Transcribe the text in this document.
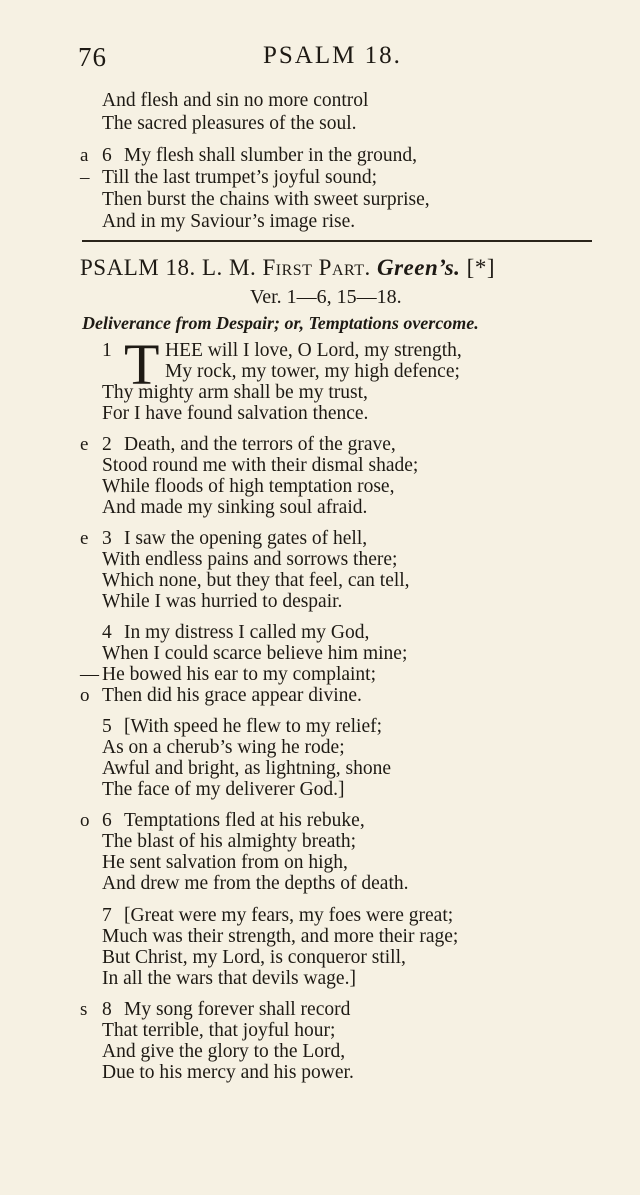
76	PSALM 18.
And flesh and sin no more control
The sacred pleasures of the soul.
a 6 My flesh shall slumber in the ground,
– Till the last trumpet’s joyful sound;
Then burst the chains with sweet surprise,
And in my Saviour’s image rise.
PSALM 18. L. M. First Part. Green’s. [*]
Ver. 1—6, 15—18.
Deliverance from Despair; or, Temptations overcome.
1 T HEE will I love, O Lord, my strength,
My rock, my tower, my high defence;
Thy mighty arm shall be my trust,
For I have found salvation thence.
e 2 Death, and the terrors of the grave,
Stood round me with their dismal shade;
While floods of high temptation rose,
And made my sinking soul afraid.
e 3 I saw the opening gates of hell,
With endless pains and sorrows there;
Which none, but they that feel, can tell,
While I was hurried to despair.
4 In my distress I called my God,
When I could scarce believe him mine;
— He bowed his ear to my complaint;
o Then did his grace appear divine.
5 [With speed he flew to my relief;
As on a cherub’s wing he rode;
Awful and bright, as lightning, shone
The face of my deliverer God.]
o 6 Temptations fled at his rebuke,
The blast of his almighty breath;
He sent salvation from on high,
And drew me from the depths of death.
7 [Great were my fears, my foes were great;
Much was their strength, and more their rage;
But Christ, my Lord, is conqueror still,
In all the wars that devils wage.]
s 8 My song forever shall record
That terrible, that joyful hour;
And give the glory to the Lord,
Due to his mercy and his power.
